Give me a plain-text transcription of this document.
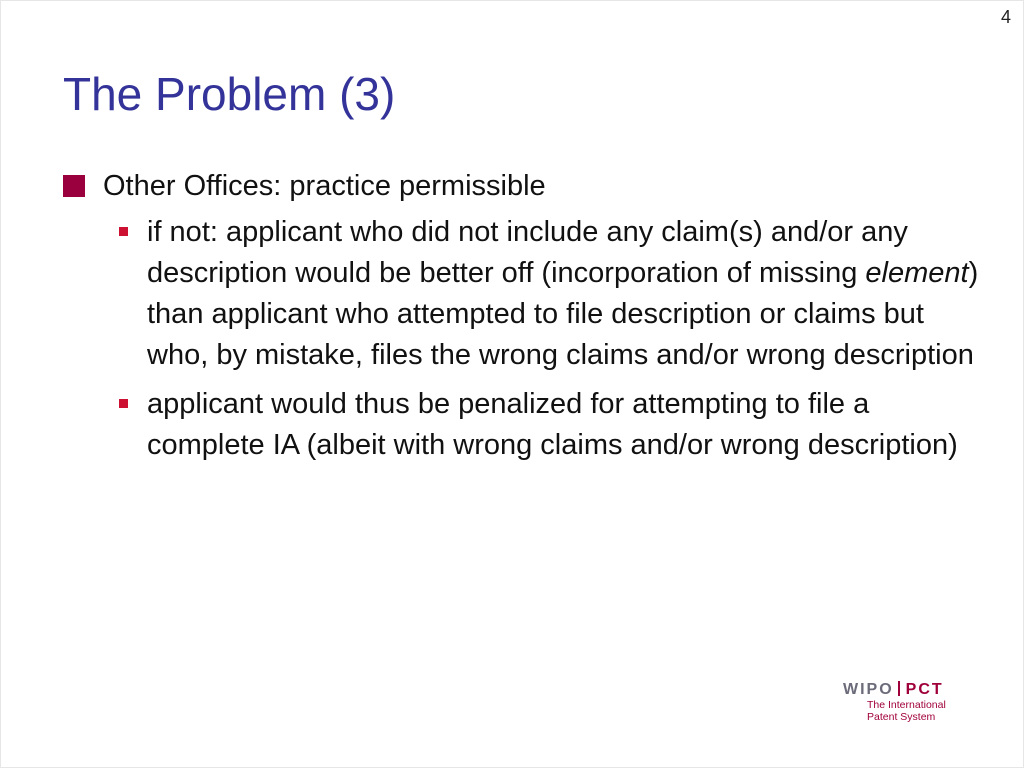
4
The Problem (3)
Other Offices: practice permissible
if not: applicant who did not include any claim(s) and/or any description would be better off (incorporation of missing element) than applicant who attempted to file description or claims but who, by mistake, files the wrong claims and/or wrong description
applicant would thus be penalized for attempting to file a complete IA (albeit with wrong claims and/or wrong description)
WIPO PCT
The International
Patent System
